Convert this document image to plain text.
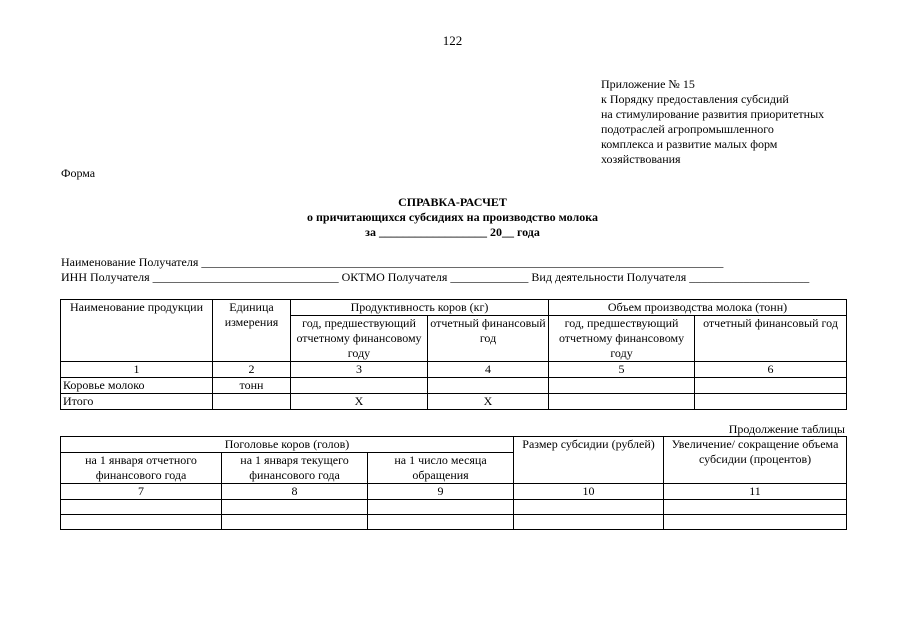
122
Приложение № 15
к Порядку предоставления субсидий
на стимулирование развития приоритетных
подотраслей агропромышленного
комплекса и развитие малых форм
хозяйствования
Форма
СПРАВКА-РАСЧЕТ
о причитающихся субсидиях на производство молока
за __________________ 20__ года
Наименование Получателя _______________________________________________________________________________________
ИНН Получателя _______________________________ ОКТМО Получателя _____________ Вид деятельности Получателя ____________________
Наименование продукции	Единица измерения	Продуктивность коров (кг)		Объем производства молока (тонн)	
		год, предшествующий отчетному финансовому году	отчетный финансовый год	год, предшествующий отчетному финансовому году	отчетный финансовый год
1	2	3	4	5	6
Коровье молоко	тонн				
Итого		X	X		
Продолжение таблицы
Поголовье коров (голов)			Размер субсидии (рублей)	Увеличение/ сокращение объема субсидии (процентов)
на 1 января отчетного финансового года	на 1 января текущего финансового года	на 1 число месяца обращения		
7	8	9	10	11
